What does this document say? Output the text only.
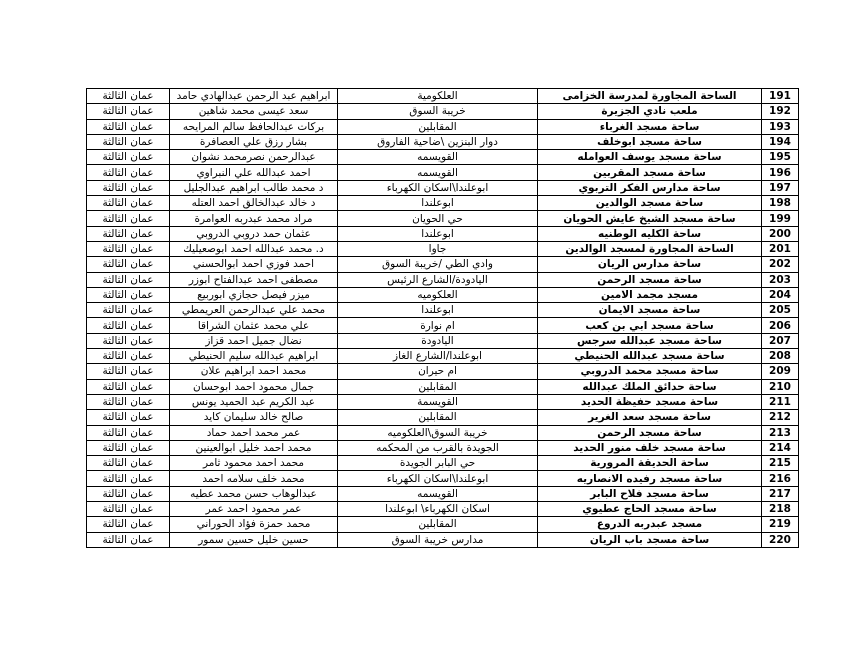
عمان الثالثة	ابراهيم عبد الرحمن عبدالهادي حامد	العلكومية	الساحة المجاورة لمدرسة الخزامى	191
عمان الثالثة	سعد عيسى محمد شاهين	خريبة السوق	ملعب نادي الجزيرة	192
عمان الثالثة	بركات عبدالحافظ سالم المرايحه	المقابلين	ساحة مسجد الغرباء	193
عمان الثالثة	بشار رزق علي العصافرة	دوار البنزين \ضاحية الفاروق	ساحة مسجد ابوخلف	194
عمان الثالثة	عبدالرحمن نصرمحمد نشوان	القويسمه	ساحة مسجد يوسف العوامله	195
عمان الثالثة	احمد عبدالله علي النبراوي	القويسمه	ساحة مسجد المقربين	196
عمان الثالثة	د محمد طالب ابراهيم عبدالجليل	ابوعلندا\اسكان الكهرباء	ساحة مدارس الفكر التربوي	197
عمان الثالثة	د خالد عبدالخالق احمد العتله	ابوعلندا	ساحة مسجد الوالدين	198
عمان الثالثة	مراد محمد عبدربه العوامرة	حي الحويان	ساحة مسجد الشيخ عايش الحويان	199
عمان الثالثة	عثمان حمد دروبي الدروبي	ابوعلندا	ساحة الكليه الوطنيه	200
عمان الثالثة	د. محمد عبدالله احمد ابوصعيليك	جاوا	الساحة المجاورة لمسجد الوالدين	201
عمان الثالثة	احمد فوزي احمد ابوالحسني	وادي الطي /خريبة السوق	ساحة مدارس الريان	202
عمان الثالثة	مصطفى احمد عبدالفتاح ابوزر	اليادودة/الشارع الرئيس	ساحة مسجد الرحمن	203
عمان الثالثة	ميزر فيصل حجازي ابوربيع	العلكوميه	مسجد مجمد الامين	204
عمان الثالثة	محمد علي عبدالرحمن العريمطي	ابوعلندا	ساحة مسجد الايمان	205
عمان الثالثة	علي محمد عثمان الشراقا	ام نوارة	ساحة مسجد ابي بن كعب	206
عمان الثالثة	نضال جميل احمد قزاز	اليادودة	ساحة مسجد عبدالله سرجس	207
عمان الثالثة	ابراهيم عبدالله سليم الحنيطي	ابوعلندا/الشارع الغاز	ساحة مسجد عبدالله الحنيطي	208
عمان الثالثة	محمد احمد ابراهيم علان	ام حيران	ساحة مسجد محمد الدروبي	209
عمان الثالثة	جمال محمود احمد ابوحسان	المقابلين	ساحة حدائق الملك عبدالله	210
عمان الثالثة	عبد الكريم عبد الحميد يونس	القويسمة	ساحة مسجد حفيظة الحديد	211
عمان الثالثة	صالح خالد سليمان كايد	المقابلين	ساحة مسجد سعد الغرير	212
عمان الثالثة	عمر محمد احمد حماد	خريبة السوق\العلكوميه	ساحة مسجد الرحمن	213
عمان الثالثة	محمد احمد خليل ابوالعينين	الجويدة بالقرب من المحكمه	ساحة مسجد خلف منور الحديد	214
عمان الثالثة	محمد احمد محمود ثامر	حي البابر الجويدة	ساحة الحديقة المرورية	215
عمان الثالثة	محمد خلف سلامه احمد	ابوعلندا\اسكان الكهرباء	ساحة مسجد رفيده الانصاريه	216
عمان الثالثة	عبدالوهاب حسن محمد عطيه	القويسمه	ساحة مسجد فلاح البابر	217
عمان الثالثة	عمر محمود احمد عمر	اسكان الكهرباء\ ابوعلندا	ساحة مسجد الحاج عطيوي	218
عمان الثالثة	محمد حمزة فؤاد الحوراني	المقابلين	مسجد عبدربه الدروع	219
عمان الثالثة	حسين خليل حسين سمور	مدارس خريبة السوق	ساحة مسجد باب الريان	220
